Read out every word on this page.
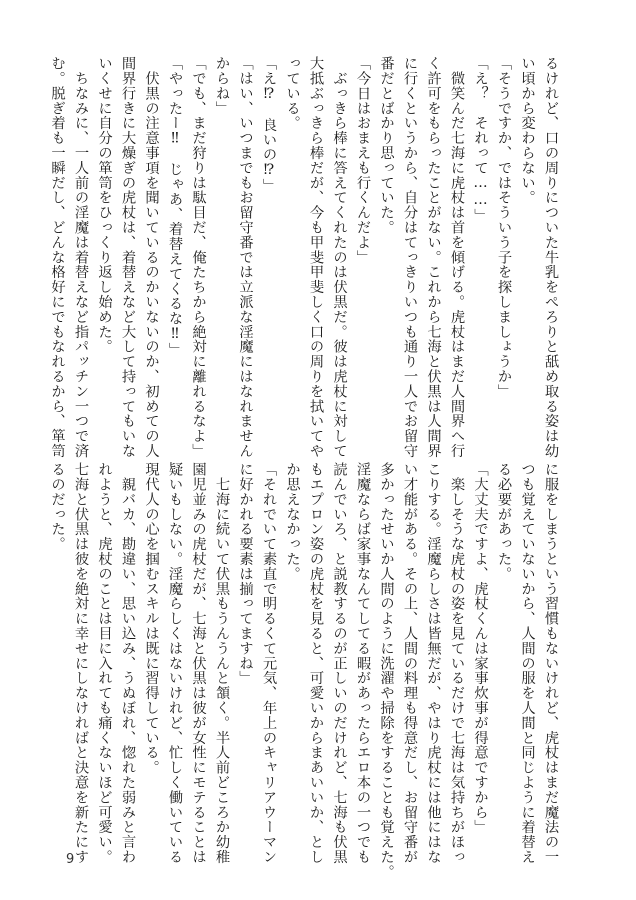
るけれど、口の周りについた牛乳をぺろりと舐め取る姿は幼
い頃から変わらない。
「そうですか、ではそういう子を探しましょうか」
「え？　それって……」
　微笑んだ七海に虎杖は首を傾げる。虎杖はまだ人間界へ行
く許可をもらったことがない。これから七海と伏黒は人間界
に行くというから、自分はてっきりいつも通り一人でお留守
番だとばかり思っていた。
「今日はおまえも行くんだよ」
　ぶっきら棒に答えてくれたのは伏黒だ。彼は虎杖に対して
大抵ぶっきら棒だが、今も甲斐甲斐しく口の周りを拭いてや
っている。
「え⁉　良いの⁉」
「はい、いつまでもお留守番では立派な淫魔にはなれません
からね」
「でも、まだ狩りは駄目だ、俺たちから絶対に離れるなよ」
「やったー‼　じゃあ、着替えてくるな‼」
　伏黒の注意事項を聞いているのかいないのか、初めての人
間界行きに大燥ぎの虎杖は、着替えなど大して持ってもいな
いくせに自分の箪笥をひっくり返し始めた。
　ちなみに、一人前の淫魔は着替えなど指パッチン一つで済
む。脱ぎ着も一瞬だし、どんな格好にでもなれるから、箪笥
に服をしまうという習慣もないけれど、虎杖はまだ魔法の一
つも覚えていないから、人間の服を人間と同じように着替え
る必要があった。
「大丈夫ですよ、虎杖くんは家事炊事が得意ですから」
　楽しそうな虎杖の姿を見ているだけで七海は気持ちがほっ
こりする。淫魔らしさは皆無だが、やはり虎杖には他にはな
い才能がある。その上、人間の料理も得意だし、お留守番が
多かったせいか人間のように洗濯や掃除をすることも覚えた。
淫魔ならば家事なんてしてる暇があったらエロ本の一つでも
読んでいろ、と説教するのが正しいのだけれど、七海も伏黒
もエプロン姿の虎杖を見ると、可愛いからまあいいか、とし
か思えなかった。
「それでいて素直で明るくて元気、年上のキャリアウーマン
に好かれる要素は揃ってますね」
　七海に続いて伏黒もうんうんと頷く。半人前どころか幼稚
園児並みの虎杖だが、七海と伏黒は彼が女性にモテることは
疑いもしない。淫魔らしくはないけれど、忙しく働いている
現代人の心を掴むスキルは既に習得している。
　親バカ、勘違い、思い込み、うぬぼれ、惚れた弱みと言わ
れようと、虎杖のことは目に入れても痛くないほど可愛い。
七海と伏黒は彼を絶対に幸せにしなければと決意を新たにす
るのだった。
9
